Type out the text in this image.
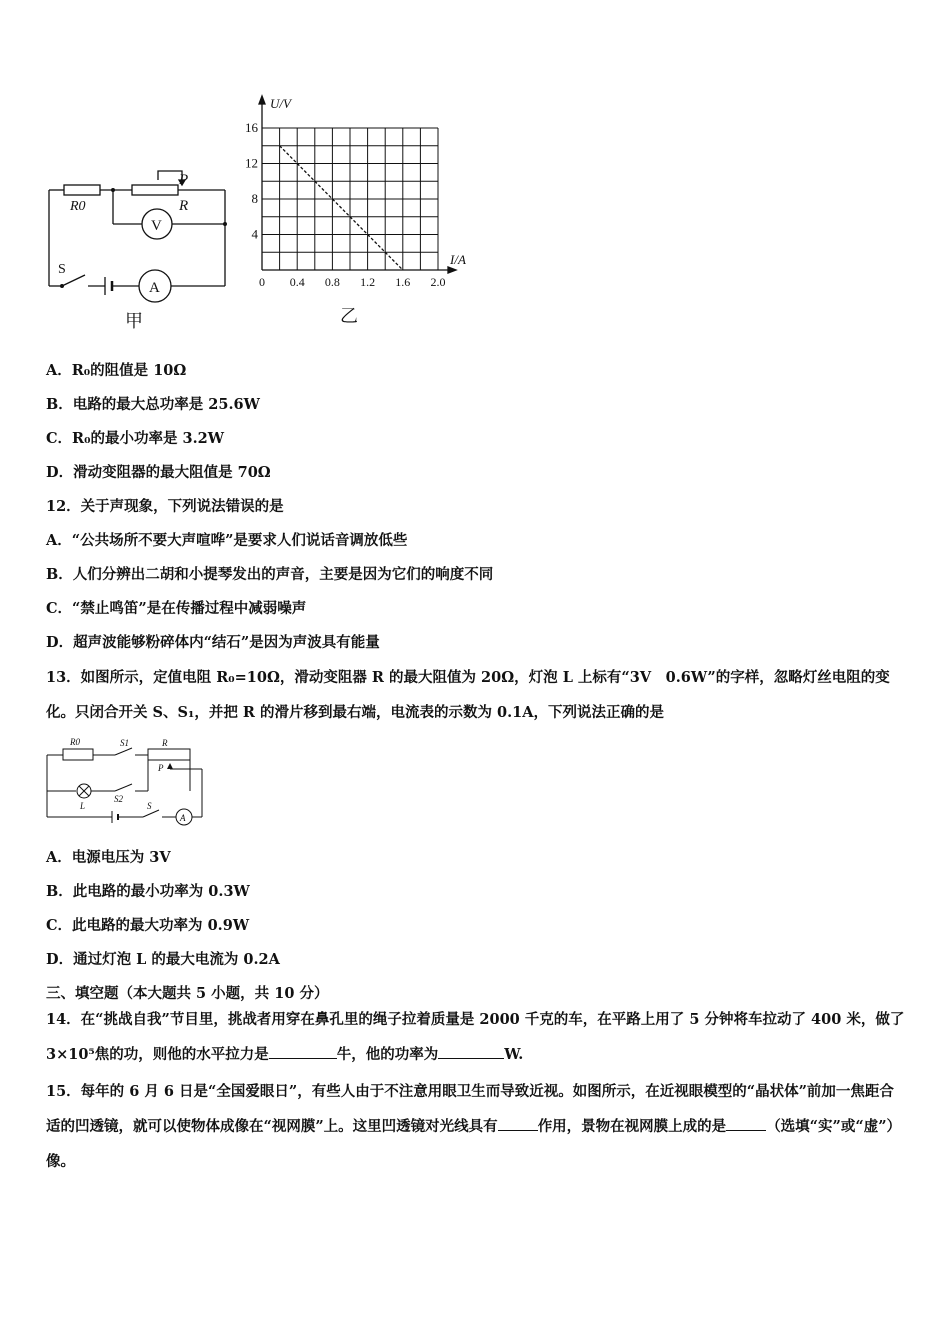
R0
P
R
S
V
A
甲
0 0.4 0.8 1.2 1.6 2.0
4
8
12
16
U/V
I/A
乙
A．R₀的阻值是 10Ω
B．电路的最大总功率是 25.6W
C．R₀的最小功率是 3.2W
D．滑动变阻器的最大阻值是 70Ω
12．关于声现象，下列说法错误的是
A．“公共场所不要大声喧哗”是要求人们说话音调放低些
B．人们分辨出二胡和小提琴发出的声音，主要是因为它们的响度不同
C．“禁止鸣笛”是在传播过程中减弱噪声
D．超声波能够粉碎体内“结石”是因为声波具有能量
13．如图所示，定值电阻 R₀=10Ω，滑动变阻器 R 的最大阻值为 20Ω，灯泡 L 上标有“3V　0.6W”的字样，忽略灯丝电阻的变化。只闭合开关 S、S₁，并把 R 的滑片移到最右端，电流表的示数为 0.1A，下列说法正确的是
R0	S1	R
P
L
S2
S
A
A．电源电压为 3V
B．此电路的最小功率为 0.3W
C．此电路的最大功率为 0.9W
D．通过灯泡 L 的最大电流为 0.2A
三、填空题（本大题共 5 小题，共 10 分）
14．在“挑战自我”节目里，挑战者用穿在鼻孔里的绳子拉着质量是 2000 千克的车，在平路上用了 5 分钟将车拉动了 400 米，做了 3×10⁵焦的功，则他的水平拉力是	牛，他的功率为	W.
15．每年的 6 月 6 日是“全国爱眼日”，有些人由于不注意用眼卫生而导致近视。如图所示，在近视眼模型的“晶状体”前加一焦距合适的凹透镜，就可以使物体成像在“视网膜”上。这里凹透镜对光线具有	作用，景物在视网膜上成的是	（选填“实”或“虚”）像。
